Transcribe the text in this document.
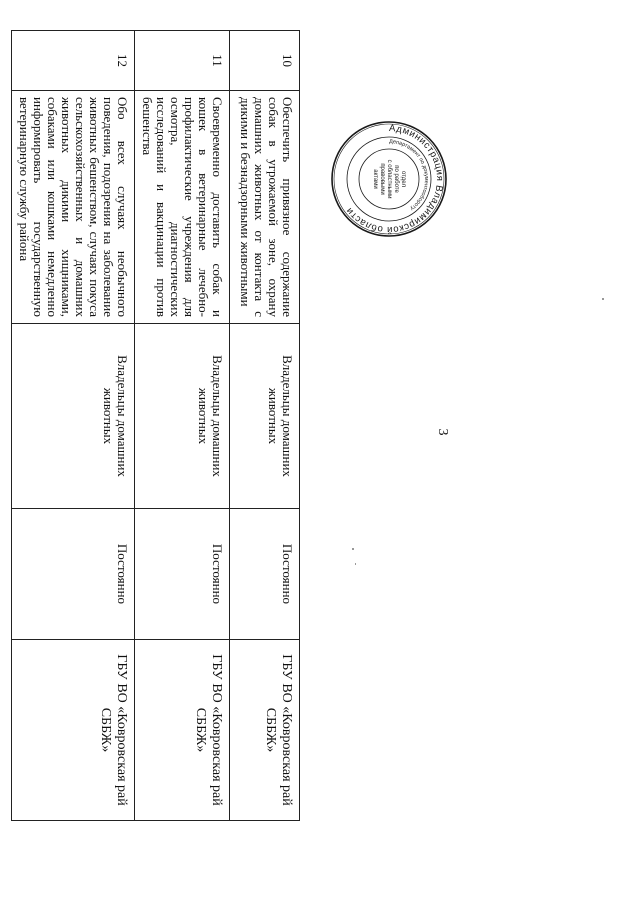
3
10	Обеспечить привязное содержание собак в угрожаемой зоне, охрану домашних животных от контакта с дикими и безнадзорными животными	Владельцы домашних животных	Постоянно	ГБУ ВО «Ковровская рай СББЖ»
11	Своевременно доставить собак и кошек в ветеринарные лечебно-профилактические учреждения для осмотра, диагностических исследований и вакцинации против бешенства	Владельцы домашних животных	Постоянно	ГБУ ВО «Ковровская рай СББЖ»
12	Обо всех случаях необычного поведения, подозрения на заболевание животных бешенством, случаях покуса сельскохозяйственных и домашних животных дикими хищниками, собаками или кошками немедленно информировать государственную ветеринарную службу района	Владельцы домашних животных	Постоянно	ГБУ ВО «Ковровская рай СББЖ»
Администрация Владимирской области
Департамент по документообороту
отдел
по работе
с областными
правовыми
актами
